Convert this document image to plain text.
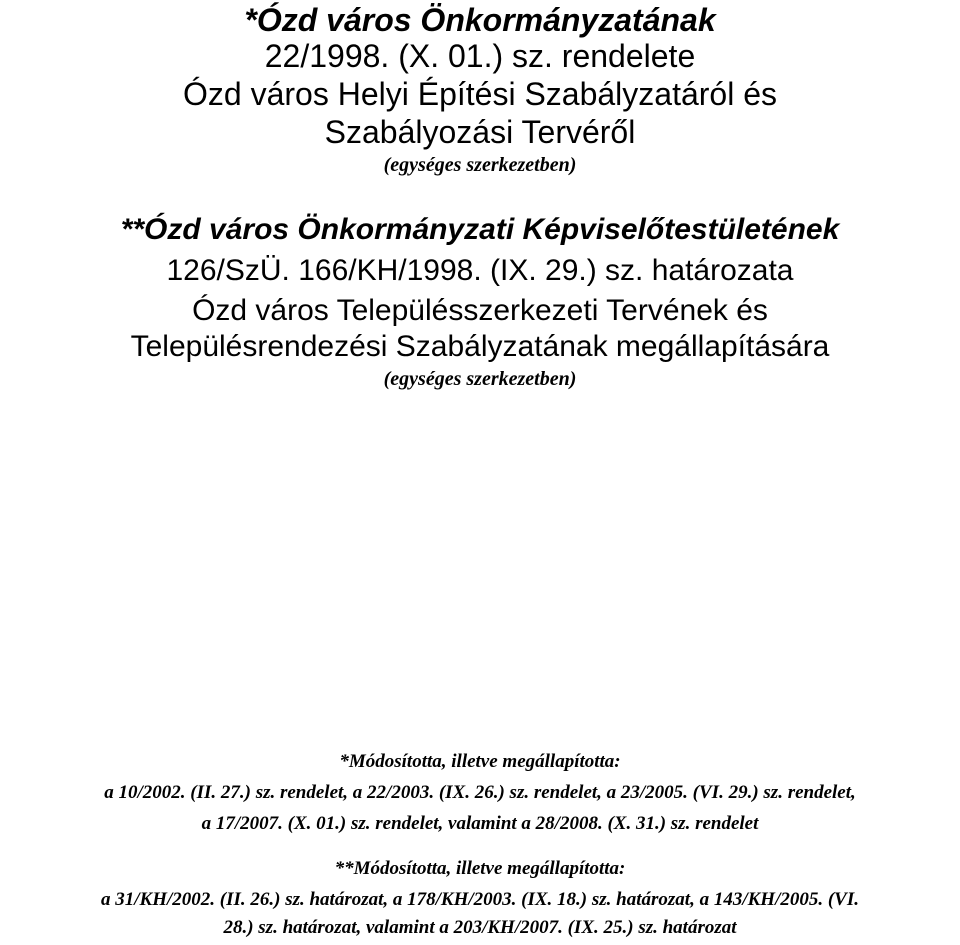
*Ózd város Önkormányzatának

22/1998. (X. 01.) sz. rendelete

Ózd város Helyi Építési Szabályzatáról és

Szabályozási Tervéről

(egységes szerkezetben)

**Ózd város Önkormányzati Képviselőtestületének

126/SzÜ. 166/KH/1998. (IX. 29.) sz. határozata

Ózd város Településszerkezeti Tervének és

Településrendezési Szabályzatának megállapítására

(egységes szerkezetben)

*Módosította, illetve megállapította:

a 10/2002. (II. 27.) sz. rendelet, a 22/2003. (IX. 26.) sz. rendelet, a 23/2005. (VI. 29.) sz. rendelet,

a 17/2007. (X. 01.) sz. rendelet, valamint a 28/2008. (X. 31.) sz. rendelet

**Módosította, illetve megállapította:

a 31/KH/2002. (II. 26.) sz. határozat, a 178/KH/2003. (IX. 18.) sz. határozat, a 143/KH/2005. (VI.

28.) sz. határozat, valamint a 203/KH/2007. (IX. 25.) sz. határozat
